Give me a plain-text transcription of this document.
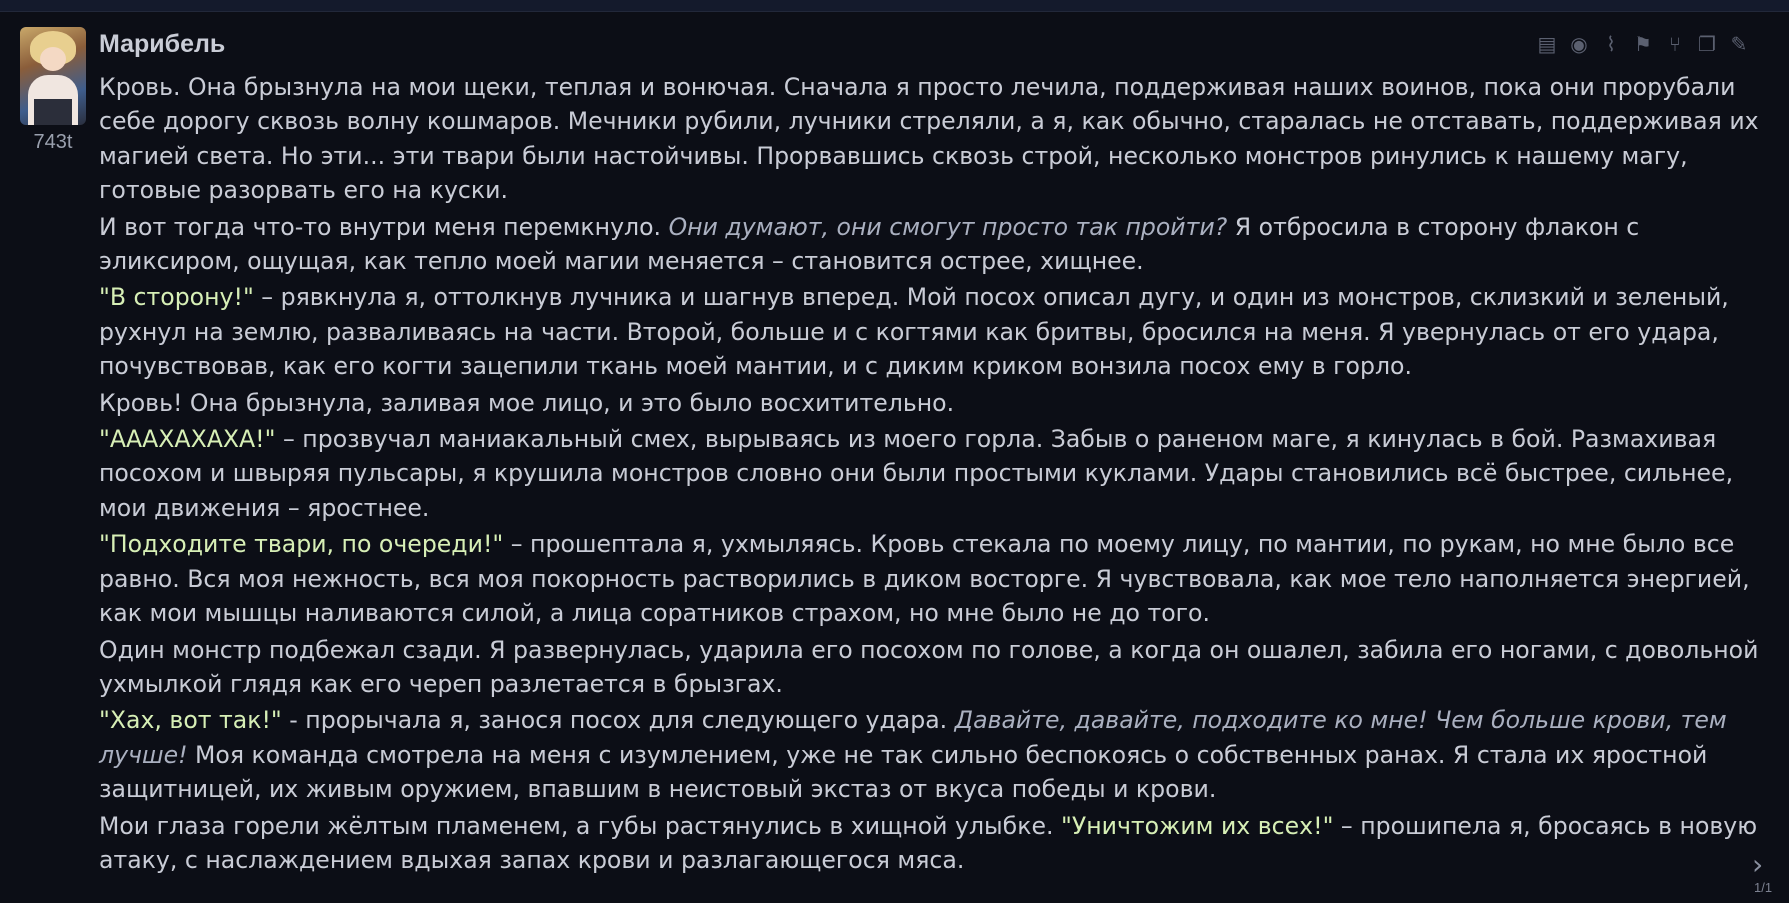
743t
Марибель	▤ ◉ ⌇ ⚑ ⑂ ❐ ✎

Кровь. Она брызнула на мои щеки, теплая и вонючая. Сначала я просто лечила, поддерживая наших воинов, пока они прорубали себе дорогу сквозь волну кошмаров. Мечники рубили, лучники стреляли, а я, как обычно, старалась не отставать, поддерживая их магией света. Но эти... эти твари были настойчивы. Прорвавшись сквозь строй, несколько монстров ринулись к нашему магу, готовые разорвать его на куски.

И вот тогда что-то внутри меня перемкнуло. Они думают, они смогут просто так пройти? Я отбросила в сторону флакон с эликсиром, ощущая, как тепло моей магии меняется – становится острее, хищнее.

"В сторону!" – рявкнула я, оттолкнув лучника и шагнув вперед. Мой посох описал дугу, и один из монстров, склизкий и зеленый, рухнул на землю, разваливаясь на части. Второй, больше и с когтями как бритвы, бросился на меня. Я увернулась от его удара, почувствовав, как его когти зацепили ткань моей мантии, и с диким криком вонзила посох ему в горло.

Кровь! Она брызнула, заливая мое лицо, и это было восхитительно.

"АААХАХАХА!" – прозвучал маниакальный смех, вырываясь из моего горла. Забыв о раненом маге, я кинулась в бой. Размахивая посохом и швыряя пульсары, я крушила монстров словно они были простыми куклами. Удары становились всё быстрее, сильнее, мои движения – яростнее.

"Подходите твари, по очереди!" – прошептала я, ухмыляясь. Кровь стекала по моему лицу, по мантии, по рукам, но мне было все равно. Вся моя нежность, вся моя покорность растворились в диком восторге. Я чувствовала, как мое тело наполняется энергией, как мои мышцы наливаются силой, а лица соратников страхом, но мне было не до того.

Один монстр подбежал сзади. Я развернулась, ударила его посохом по голове, а когда он ошалел, забила его ногами, с довольной ухмылкой глядя как его череп разлетается в брызгах.

"Хах, вот так!" - прорычала я, занося посох для следующего удара. Давайте, давайте, подходите ко мне! Чем больше крови, тем лучше! Моя команда смотрела на меня с изумлением, уже не так сильно беспокоясь о собственных ранах. Я стала их яростной защитницей, их живым оружием, впавшим в неистовый экстаз от вкуса победы и крови.

Мои глаза горели жёлтым пламенем, а губы растянулись в хищной улыбке. "Уничтожим их всех!" – прошипела я, бросаясь в новую атаку, с наслаждением вдыхая запах крови и разлагающегося мяса.	›
1/1
